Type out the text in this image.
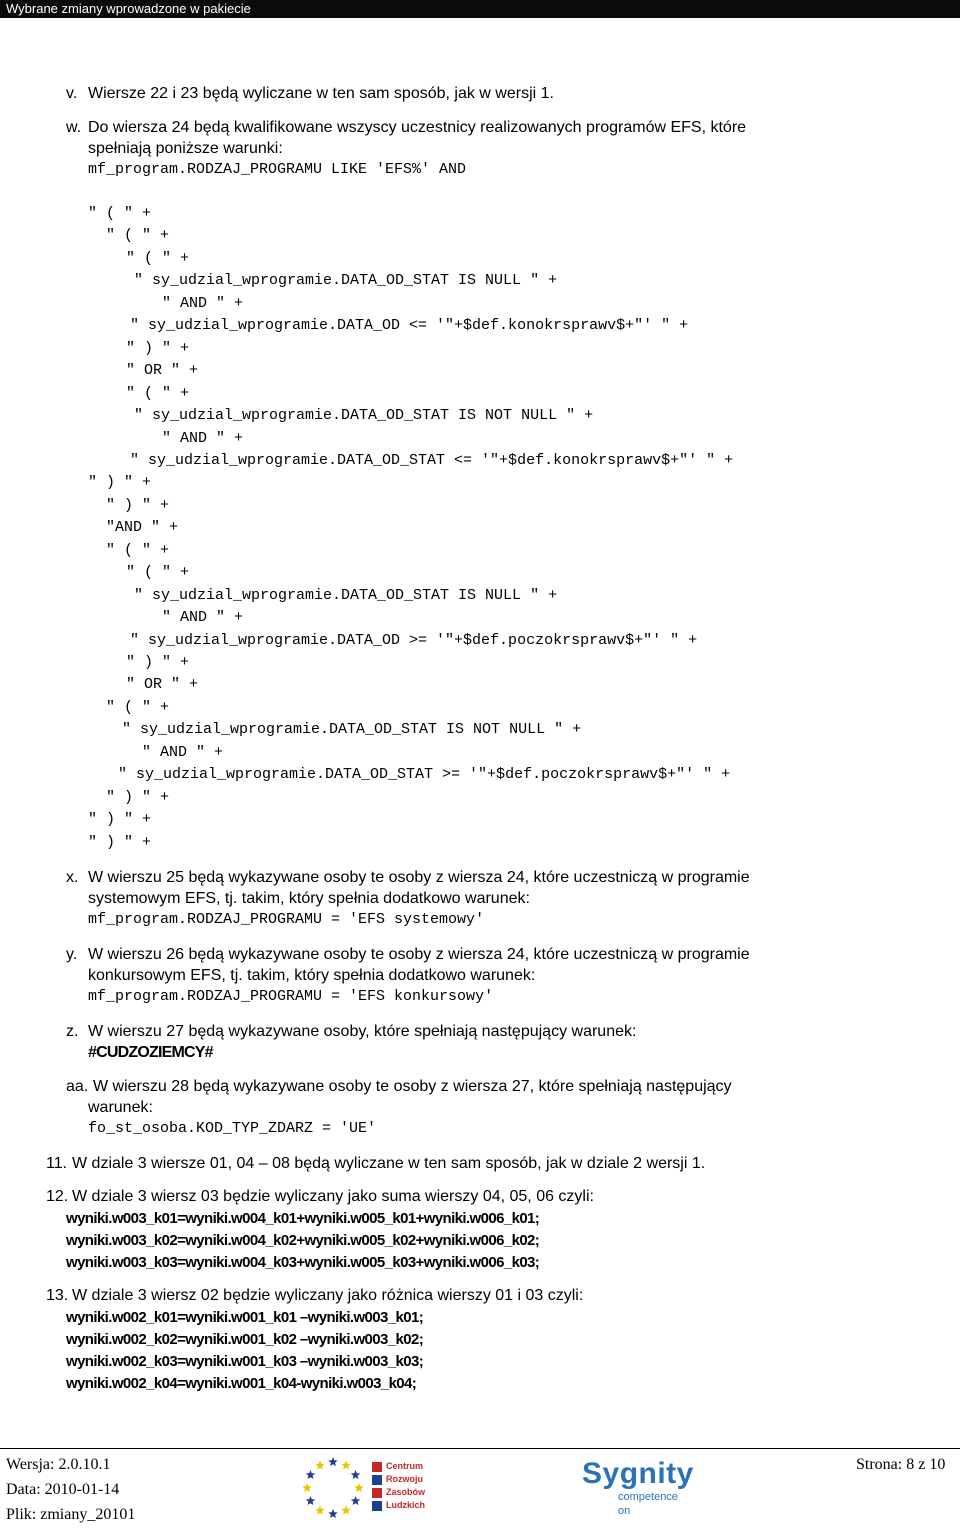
Wybrane zmiany wprowadzone w pakiecie
v. Wiersze 22 i 23 będą wyliczane w ten sam sposób, jak w wersji 1.
w. Do wiersza 24 będą kwalifikowane wszyscy uczestnicy realizowanych programów EFS, które
spełniają poniższe warunki:
mf_program.RODZAJ_PROGRAMU LIKE 'EFS%' AND
" ( " +
" ( " +
" ( " +
" sy_udzial_wprogramie.DATA_OD_STAT IS NULL " +
" AND " +
" sy_udzial_wprogramie.DATA_OD <= '"+$def.konokrsprawv$+"' " +
" ) " +
" OR " +
" ( " +
" sy_udzial_wprogramie.DATA_OD_STAT IS NOT NULL " +
" AND " +
" sy_udzial_wprogramie.DATA_OD_STAT <= '"+$def.konokrsprawv$+"' " +
" ) " +
" ) " +
"AND " +
" ( " +
" ( " +
" sy_udzial_wprogramie.DATA_OD_STAT IS NULL " +
" AND " +
" sy_udzial_wprogramie.DATA_OD >= '"+$def.poczokrsprawv$+"' " +
" ) " +
" OR " +
" ( " +
" sy_udzial_wprogramie.DATA_OD_STAT IS NOT NULL " +
" AND " +
" sy_udzial_wprogramie.DATA_OD_STAT >= '"+$def.poczokrsprawv$+"' " +
" ) " +
" ) " +
" ) " +
x. W wierszu 25 będą wykazywane osoby te osoby z wiersza 24, które uczestniczą w programie
systemowym EFS, tj. takim, który spełnia dodatkowo warunek:
mf_program.RODZAJ_PROGRAMU = 'EFS systemowy'
y. W wierszu 26 będą wykazywane osoby te osoby z wiersza 24, które uczestniczą w programie
konkursowym EFS, tj. takim, który spełnia dodatkowo warunek:
mf_program.RODZAJ_PROGRAMU = 'EFS konkursowy'
z. W wierszu 27 będą wykazywane osoby, które spełniają następujący warunek:
#CUDZOZIEMCY#
aa. W wierszu 28 będą wykazywane osoby te osoby z wiersza 27, które spełniają następujący
warunek:
fo_st_osoba.KOD_TYP_ZDARZ = 'UE'
11. W dziale 3 wiersze 01, 04 – 08 będą wyliczane w ten sam sposób, jak w dziale 2 wersji 1.
12. W dziale 3 wiersz 03 będzie wyliczany jako suma wierszy 04, 05, 06 czyli:
wyniki.w003_k01=wyniki.w004_k01+wyniki.w005_k01+wyniki.w006_k01;
wyniki.w003_k02=wyniki.w004_k02+wyniki.w005_k02+wyniki.w006_k02;
wyniki.w003_k03=wyniki.w004_k03+wyniki.w005_k03+wyniki.w006_k03;
13. W dziale 3 wiersz 02 będzie wyliczany jako różnica wierszy 01 i 03 czyli:
wyniki.w002_k01=wyniki.w001_k01 –wyniki.w003_k01;
wyniki.w002_k02=wyniki.w001_k02 –wyniki.w003_k02;
wyniki.w002_k03=wyniki.w001_k03 –wyniki.w003_k03;
wyniki.w002_k04=wyniki.w001_k04-wyniki.w003_k04;
Wersja: 2.0.10.1
Data: 2010-01-14
Plik: zmiany_20101
Strona: 8 z 10
Centrum
Rozwoju
Zasobów
Ludzkich
Sygnity
competence on
